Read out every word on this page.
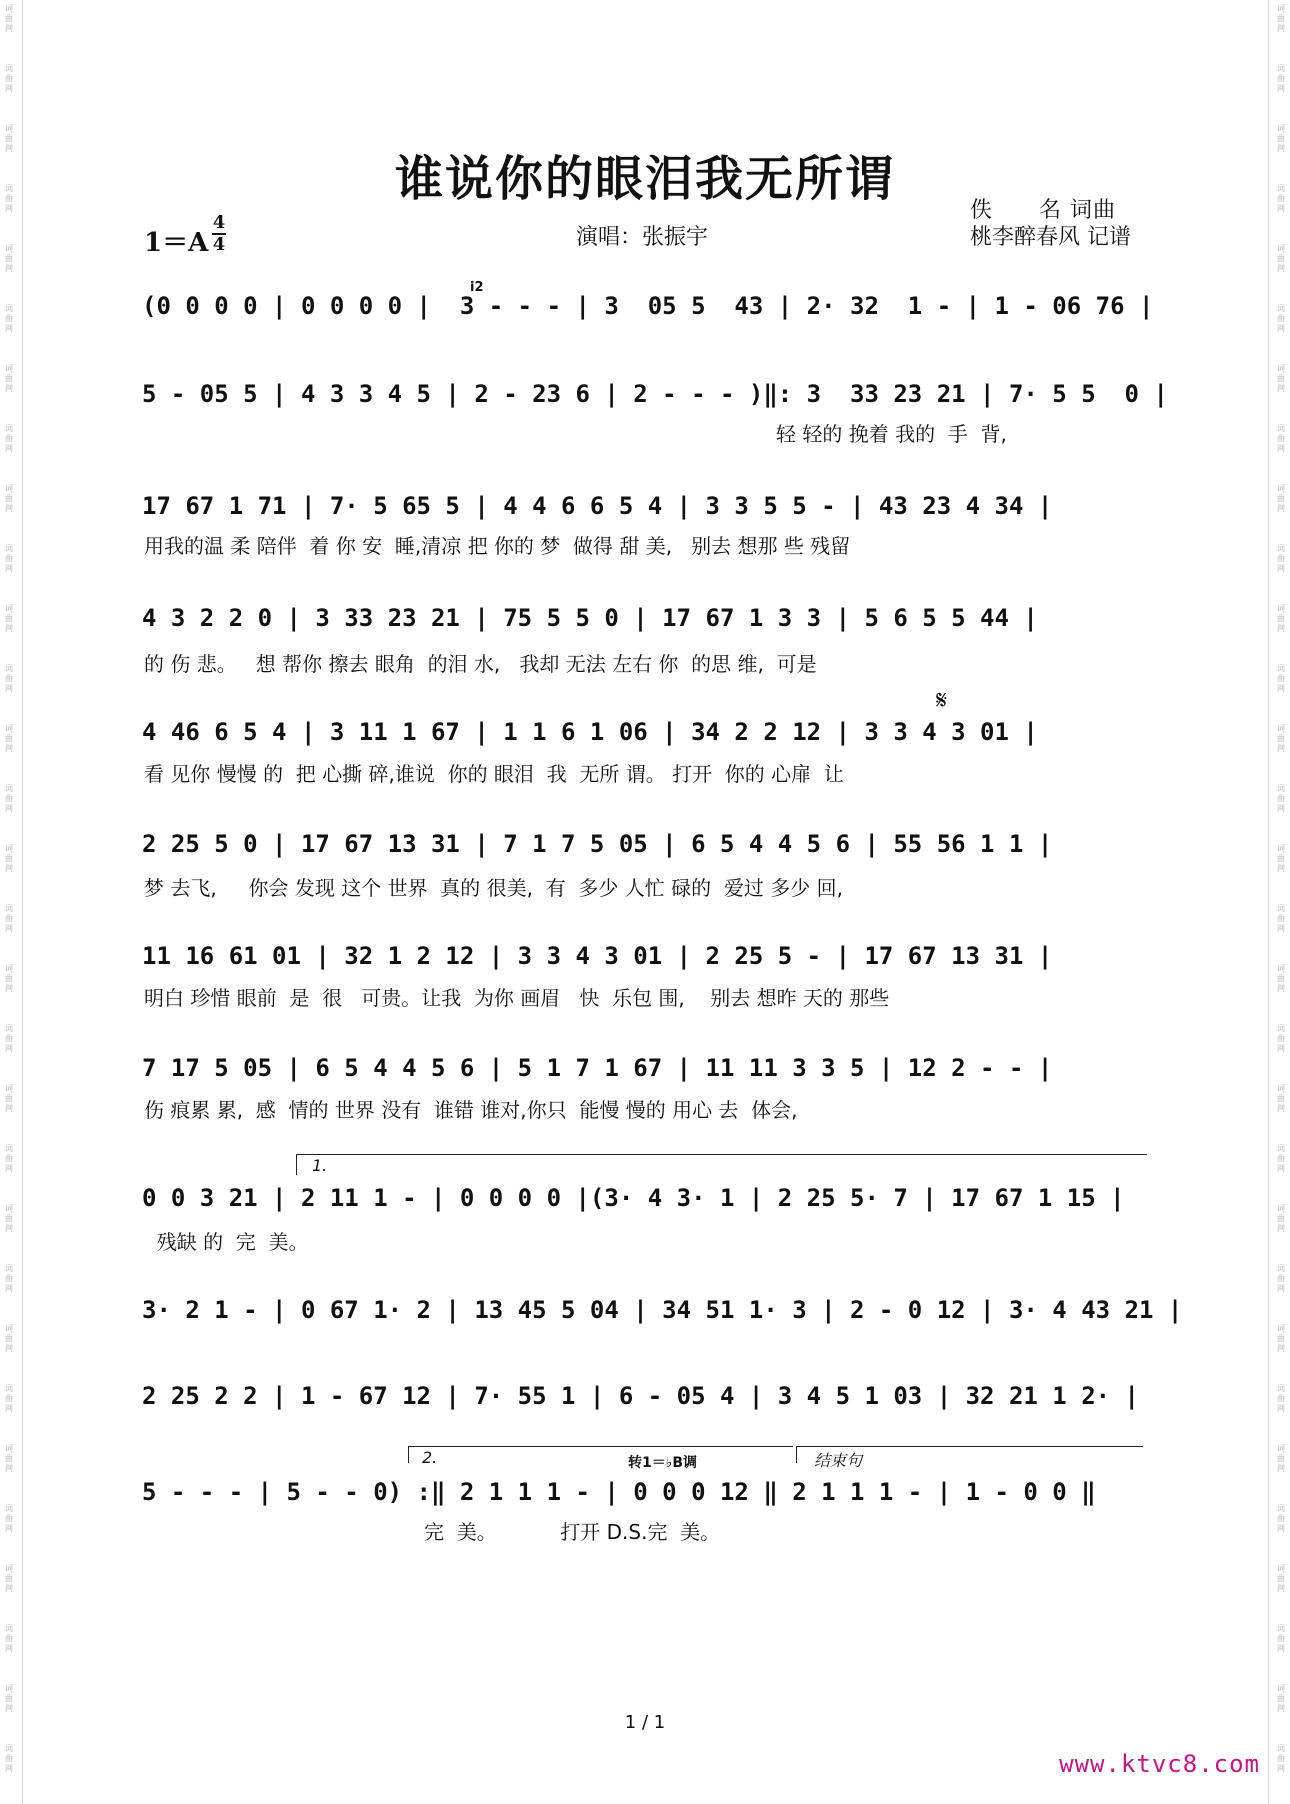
词
曲
网
词
曲
网
词
曲
网
词
曲
网
词
曲
网
词
曲
网
词
曲
网
词
曲
网
词
曲
网
词
曲
网
词
曲
网
词
曲
网
词
曲
网
词
曲
网
词
曲
网
词
曲
网
词
曲
网
词
曲
网
词
曲
网
词
曲
网
词
曲
网
词
曲
网
词
曲
网
词
曲
网
词
曲
网
词
曲
网
词
曲
网
词
曲
网
词
曲
网
词
曲
网
词
曲
网
词
曲
网
词
曲
网
词
曲
网
词
曲
网
词
曲
网
词
曲
网
词
曲
网
词
曲
网
词
曲
网
词
曲
网
词
曲
网
词
曲
网
词
曲
网
词
曲
网
词
曲
网
词
曲
网
词
曲
网
词
曲
网
词
曲
网
词
曲
网
词
曲
网
词
曲
网
词
曲
网
词
曲
网
词
曲
网
词
曲
网
词
曲
网
词
曲
网
词
曲
网
谁说你的眼泪我无所谓
1＝A
4
4	演唱：张振宇
佚　　名 词曲
桃李醉春风 记谱
(0 0 0 0 | 0 0 0 0 |  3 - - - | 3  05 5  43 | 2· 32  1 - | 1 - 06 76 |
5 - 05 5 | 4 3 3 4 5 | 2 - 23 6 | 2 - - - )‖: 3  33 23 21 | 7· 5 5  0 |
轻 轻的 挽着 我的  手  背,
17 67 1 71 | 7· 5 65 5 | 4 4 6 6 5 4 | 3 3 5 5 - | 43 23 4 34 |
用我的温 柔 陪伴  着 你 安  睡,清凉 把 你的 梦  做得 甜 美,   别去 想那 些 残留
4 3 2 2 0 | 3 33 23 21 | 75 5 5 0 | 17 67 1 3 3 | 5 6 5 5 44 |
的 伤 悲。   想 帮你 擦去 眼角  的泪 水,   我却 无法 左右 你  的思 维,  可是
4 46 6 5 4 | 3 11 1 67 | 1 1 6 1 06 | 34 2 2 12 | 3 3 4 3 01 |
看 见你 慢慢 的  把 心撕 碎,谁说  你的 眼泪  我  无所 谓。 打开  你的 心扉  让
2 25 5 0 | 17 67 13 31 | 7 1 7 5 05 | 6 5 4 4 5 6 | 55 56 1 1 |
梦 去飞,     你会 发现 这个 世界  真的 很美,  有  多少 人忙 碌的  爱过 多少 回,
11 16 61 01 | 32 1 2 12 | 3 3 4 3 01 | 2 25 5 - | 17 67 13 31 |
明白 珍惜 眼前  是  很   可贵。让我  为你 画眉   快  乐包 围,    别去 想昨 天的 那些
7 17 5 05 | 6 5 4 4 5 6 | 5 1 7 1 67 | 11 11 3 3 5 | 12 2 - - |
伤 痕累 累,  感  情的 世界 没有  谁错 谁对,你只  能慢 慢的 用心 去  体会,
0 0 3 21 | 2 11 1 - | 0 0 0 0 |(3· 4 3· 1 | 2 25 5· 7 | 17 67 1 15 |
残缺 的  完  美。
3· 2 1 - | 0 67 1· 2 | 13 45 5 04 | 34 51 1· 3 | 2 - 0 12 | 3· 4 43 21 |
2 25 2 2 | 1 - 67 12 | 7· 55 1 | 6 - 05 4 | 3 4 5 1 03 | 32 21 1 2· |
5 - - - | 5 - - 0) :‖ 2 1 1 1 - | 0 0 0 12 ‖ 2 1 1 1 - | 1 - 0 0 ‖
完  美。          打开 D.S.完  美。
1.
2.	转1＝♭B调	结束句
𝄋
i2
1 / 1
www.ktvc8.com
